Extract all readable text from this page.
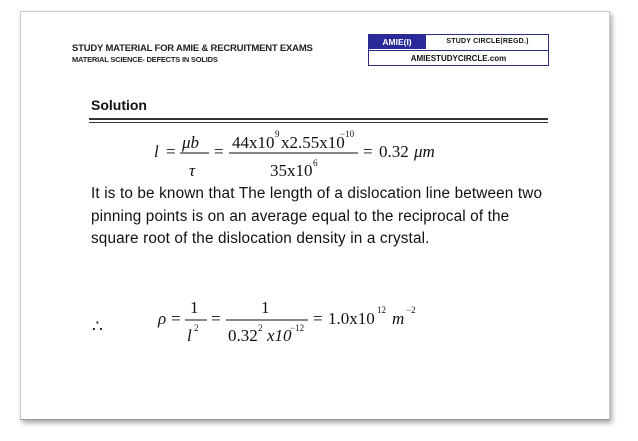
STUDY MATERIAL FOR AMIE & RECRUITMENT EXAMS
MATERIAL SCIENCE- DEFECTS IN SOLIDS
AMIE(I)	STUDY CIRCLE(REGD.)
AMIESTUDYCIRCLE.com
Solution
l = μb
τ
= 44x10 9 x2.55x10
−10
35x10 6
= 0.32 μm
It is to be known that The length of a dislocation line between two pinning points is on an average equal to the reciprocal of the square root of the dislocation density in a crystal.
∴	ρ =
1
l 2 =
1
0.32 2 x10
−12 = 1.0x10 12 m −2
